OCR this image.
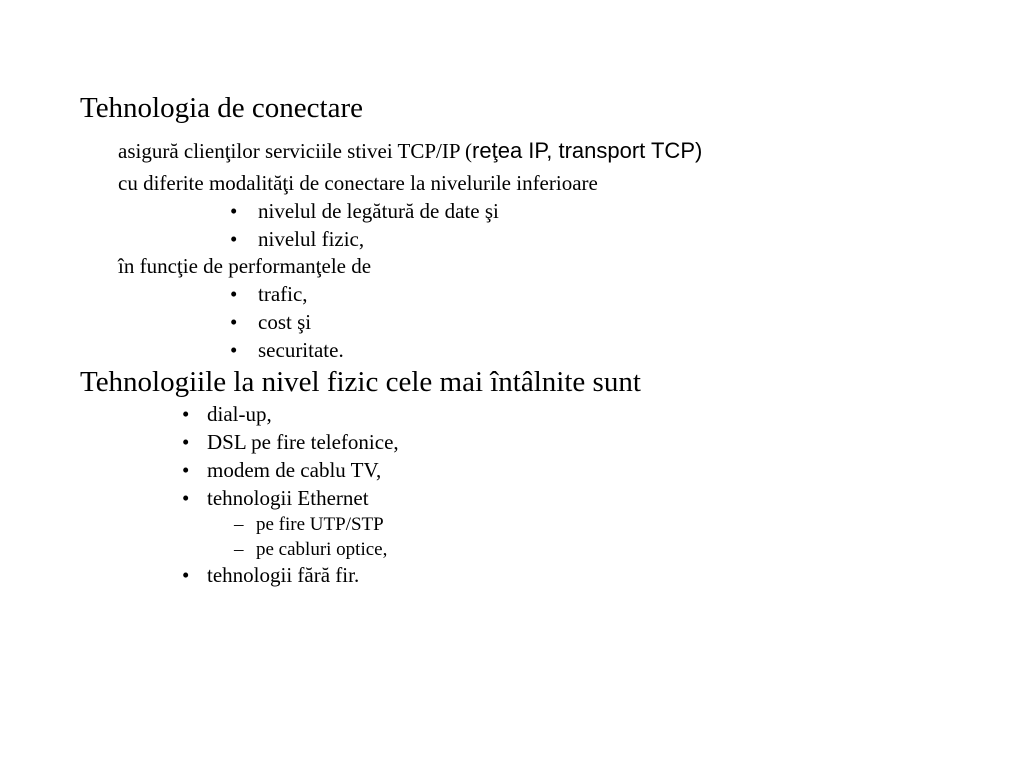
Tehnologia de conectare
asigură clienţilor serviciile stivei TCP/IP (reţea IP, transport TCP)
cu diferite modalităţi de conectare la nivelurile inferioare
• nivelul de legătură de date şi
• nivelul fizic,
în funcţie de performanţele de
• trafic,
• cost şi
• securitate.
Tehnologiile la nivel fizic cele mai întâlnite sunt
• dial-up,
• DSL pe fire telefonice,
• modem de cablu TV,
• tehnologii Ethernet
– pe fire UTP/STP
– pe cabluri optice,
• tehnologii fără fir.
